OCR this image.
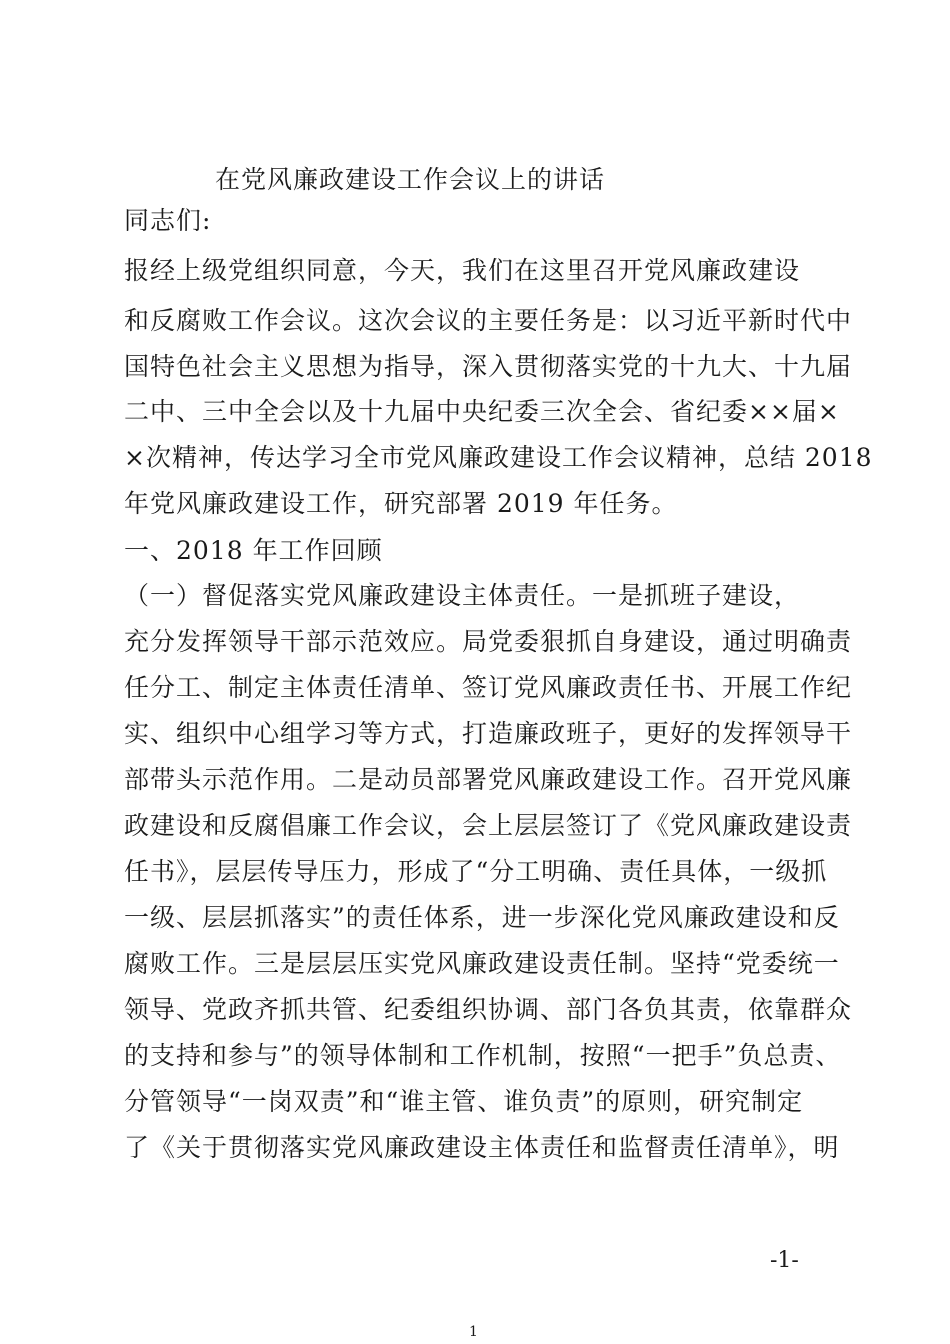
在党风廉政建设工作会议上的讲话
同志们:
报经上级党组织同意，今天，我们在这里召开党风廉政建设
和反腐败工作会议。这次会议的主要任务是：以习近平新时代中
国特色社会主义思想为指导，深入贯彻落实党的十九大、十九届
二中、三中全会以及十九届中央纪委三次全会、省纪委××届×
×次精神，传达学习全市党风廉政建设工作会议精神，总结 2018
年党风廉政建设工作，研究部署 2019 年任务。
一、2018 年工作回顾
（一）督促落实党风廉政建设主体责任。一是抓班子建设，
充分发挥领导干部示范效应。局党委狠抓自身建设，通过明确责
任分工、制定主体责任清单、签订党风廉政责任书、开展工作纪
实、组织中心组学习等方式，打造廉政班子，更好的发挥领导干
部带头示范作用。二是动员部署党风廉政建设工作。召开党风廉
政建设和反腐倡廉工作会议，会上层层签订了《党风廉政建设责
任书》，层层传导压力，形成了“分工明确、责任具体，一级抓
一级、层层抓落实”的责任体系，进一步深化党风廉政建设和反
腐败工作。三是层层压实党风廉政建设责任制。坚持“党委统一
领导、党政齐抓共管、纪委组织协调、部门各负其责，依靠群众
的支持和参与”的领导体制和工作机制，按照“一把手”负总责、
分管领导“一岗双责”和“谁主管、谁负责”的原则，研究制定
了《关于贯彻落实党风廉政建设主体责任和监督责任清单》，明
-1-
1
